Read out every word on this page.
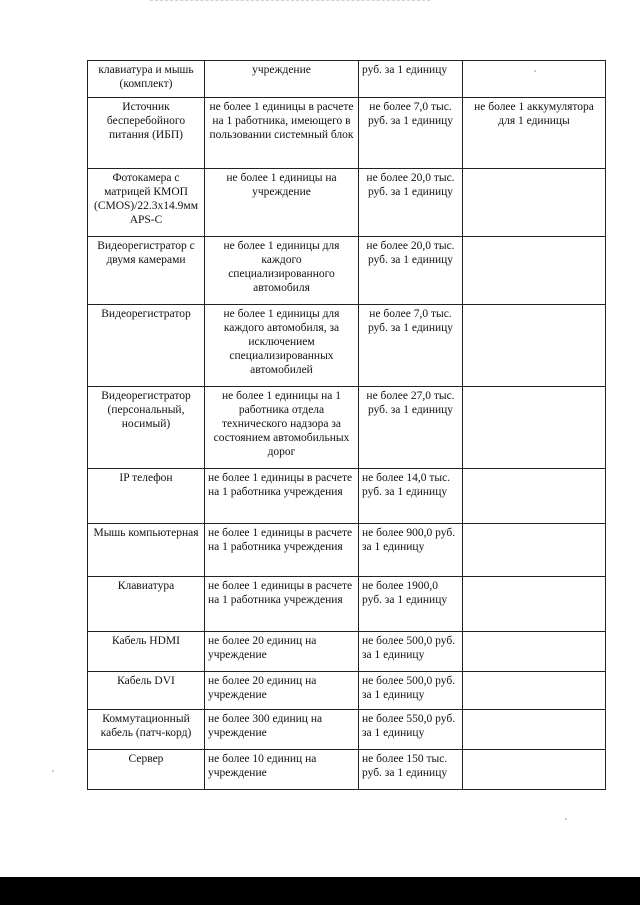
клавиатура и мышь (комплект)	учреждение	руб. за 1 единицу	
Источник бесперебойного питания (ИБП)	не более 1 единицы в расчете на 1 работника, имеющего в пользовании системный блок	не более 7,0 тыс. руб. за 1 единицу	не более 1 аккумулятора для 1 единицы
Фотокамера с матрицей КМОП (CMOS)/22.3x14.9мм APS-C	не более 1 единицы на учреждение	не более 20,0 тыс. руб. за 1 единицу	
Видеорегистратор с двумя камерами	не более 1 единицы для каждого специализированного автомобиля	не более 20,0 тыс. руб. за 1 единицу	
Видеорегистратор	не более 1 единицы для каждого автомобиля, за исключением специализированных автомобилей	не более 7,0 тыс. руб. за 1 единицу	
Видеорегистратор (персональный, носимый)	не более 1 единицы на 1 работника отдела технического надзора за состоянием автомобильных дорог	не более 27,0 тыс. руб. за 1 единицу	
IP телефон	не более 1 единицы в расчете на 1 работника учреждения	не более 14,0 тыс. руб. за 1 единицу	
Мышь компьютерная	не более 1 единицы в расчете на 1 работника учреждения	не более 900,0 руб. за 1 единицу	
Клавиатура	не более 1 единицы в расчете на 1 работника учреждения	не более 1900,0 руб. за 1 единицу	
Кабель HDMI	не более 20 единиц на учреждение	не более 500,0 руб. за 1 единицу	
Кабель DVI	не более 20 единиц на учреждение	не более 500,0 руб. за 1 единицу	
Коммутационный кабель (патч-корд)	не более 300 единиц на учреждение	не более 550,0 руб. за 1 единицу	
Сервер	не более 10 единиц на учреждение	не более 150 тыс. руб. за 1 единицу	
